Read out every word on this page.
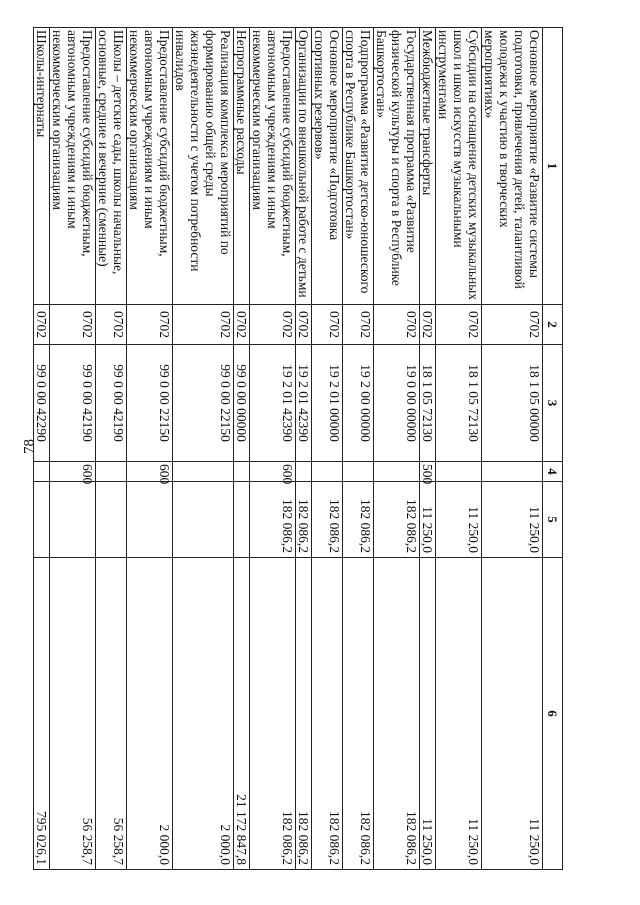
78
1	2	3	4	5	6
Основное мероприятие «Развитие системы подготовки, привлечения детей, талантливой молодежи к участию в творческих мероприятиях»	0702	18 1 05 00000		11 250,0	11 250,0
Субсидии на оснащение детских музыкальных школ и школ искусств музыкальными инструментами	0702	18 1 05 72130		11 250,0	11 250,0
Межбюджетные трансферты	0702	18 1 05 72130	500	11 250,0	11 250,0
Государственная программа «Развитие физической культуры и спорта в Республике Башкортостан»	0702	19 0 00 00000		182 086,2	182 086,2
Подпрограмма «Развитие детско-юношеского спорта в Республике Башкортостан»	0702	19 2 00 00000		182 086,2	182 086,2
Основное мероприятие «Подготовка спортивных резервов»	0702	19 2 01 00000		182 086,2	182 086,2
Организации по внешкольной работе с детьми	0702	19 2 01 42390		182 086,2	182 086,2
Предоставление субсидий бюджетным, автономным учреждениям и иным некоммерческим организациям	0702	19 2 01 42390	600	182 086,2	182 086,2
Непрограммные расходы	0702	99 0 00 00000			21 172 847,8
Реализация комплекса мероприятий по формированию общей среды жизнедеятельности с учетом потребности инвалидов	0702	99 0 00 22150			2 000,0
Предоставление субсидий бюджетным, автономным учреждениям и иным некоммерческим организациям	0702	99 0 00 22150	600		2 000,0
Школы – детские сады, школы начальные, основные, средние и вечерние (сменные)	0702	99 0 00 42190			56 258,7
Предоставление субсидий бюджетным, автономным учреждениям и иным некоммерческим организациям	0702	99 0 00 42190	600		56 258,7
Школы-интернаты	0702	99 0 00 42290			795 026,1
